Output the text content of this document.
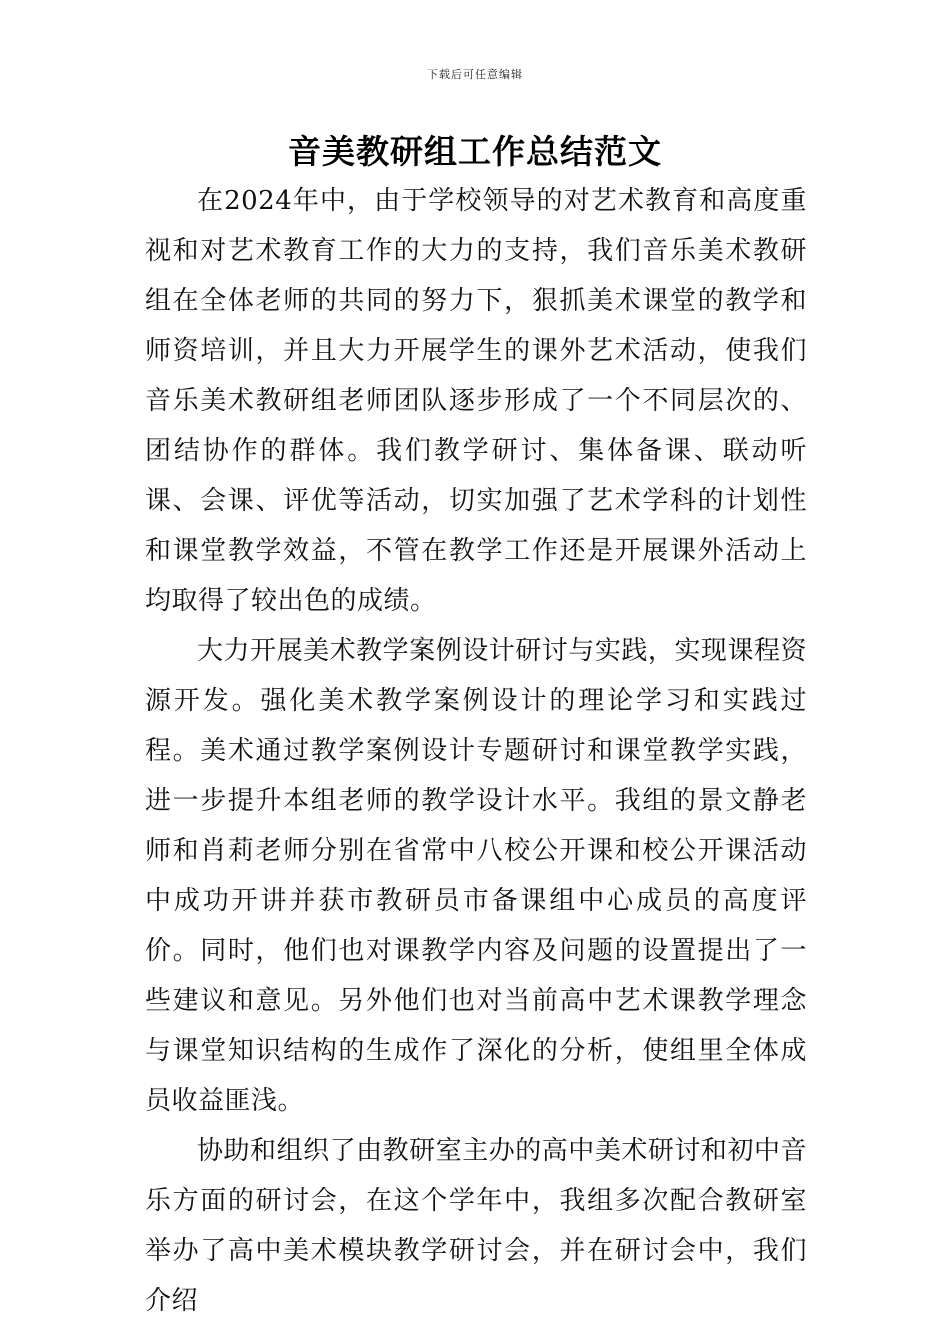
下载后可任意编辑
音美教研组工作总结范文

在2024年中，由于学校领导的对艺术教育和高度重视和对艺术教育工作的大力的支持，我们音乐美术教研组在全体老师的共同的努力下，狠抓美术课堂的教学和师资培训，并且大力开展学生的课外艺术活动，使我们音乐美术教研组老师团队逐步形成了一个不同层次的、团结协作的群体。我们教学研讨、集体备课、联动听课、会课、评优等活动，切实加强了艺术学科的计划性和课堂教学效益，不管在教学工作还是开展课外活动上均取得了较出色的成绩。

大力开展美术教学案例设计研讨与实践，实现课程资源开发。强化美术教学案例设计的理论学习和实践过程。美术通过教学案例设计专题研讨和课堂教学实践，进一步提升本组老师的教学设计水平。我组的景文静老师和肖莉老师分别在省常中八校公开课和校公开课活动中成功开讲并获市教研员市备课组中心成员的高度评价。同时，他们也对课教学内容及问题的设置提出了一些建议和意见。另外他们也对当前高中艺术课教学理念与课堂知识结构的生成作了深化的分析，使组里全体成员收益匪浅。

协助和组织了由教研室主办的高中美术研讨和初中音乐方面的研讨会，在这个学年中，我组多次配合教研室举办了高中美术模块教学研讨会，并在研讨会中，我们介绍
